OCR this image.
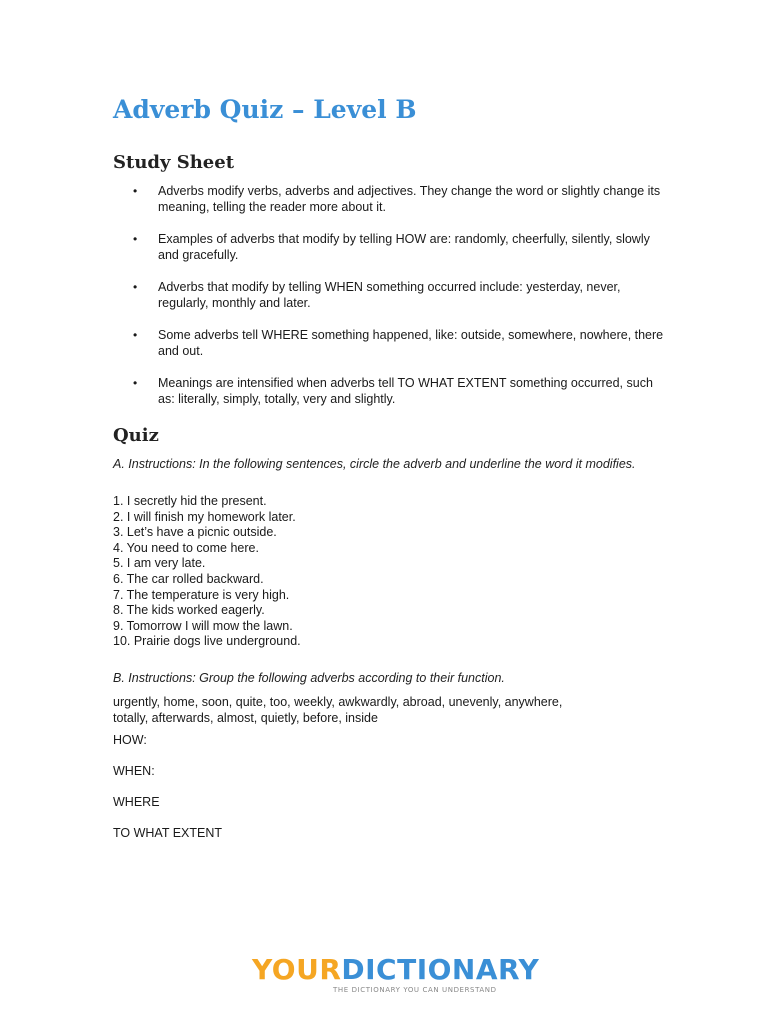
Adverb Quiz – Level B
Study Sheet
• Adverbs modify verbs, adverbs and adjectives. They change the word or slightly change its meaning, telling the reader more about it.
• Examples of adverbs that modify by telling HOW are: randomly, cheerfully, silently, slowly and gracefully.
• Adverbs that modify by telling WHEN something occurred include: yesterday, never, regularly, monthly and later.
• Some adverbs tell WHERE something happened, like: outside, somewhere, nowhere, there and out.
• Meanings are intensified when adverbs tell TO WHAT EXTENT something occurred, such as: literally, simply, totally, very and slightly.
Quiz
A. Instructions: In the following sentences, circle the adverb and underline the word it modifies.
1. I secretly hid the present.
2. I will finish my homework later.
3. Let’s have a picnic outside.
4. You need to come here.
5. I am very late.
6. The car rolled backward.
7. The temperature is very high.
8. The kids worked eagerly.
9. Tomorrow I will mow the lawn.
10. Prairie dogs live underground.
B. Instructions: Group the following adverbs according to their function.
urgently, home, soon, quite, too, weekly, awkwardly, abroad, unevenly, anywhere, totally, afterwards, almost, quietly, before, inside
HOW:
WHEN:
WHERE
TO WHAT EXTENT
YOURDICTIONARY
THE DICTIONARY YOU CAN UNDERSTAND
